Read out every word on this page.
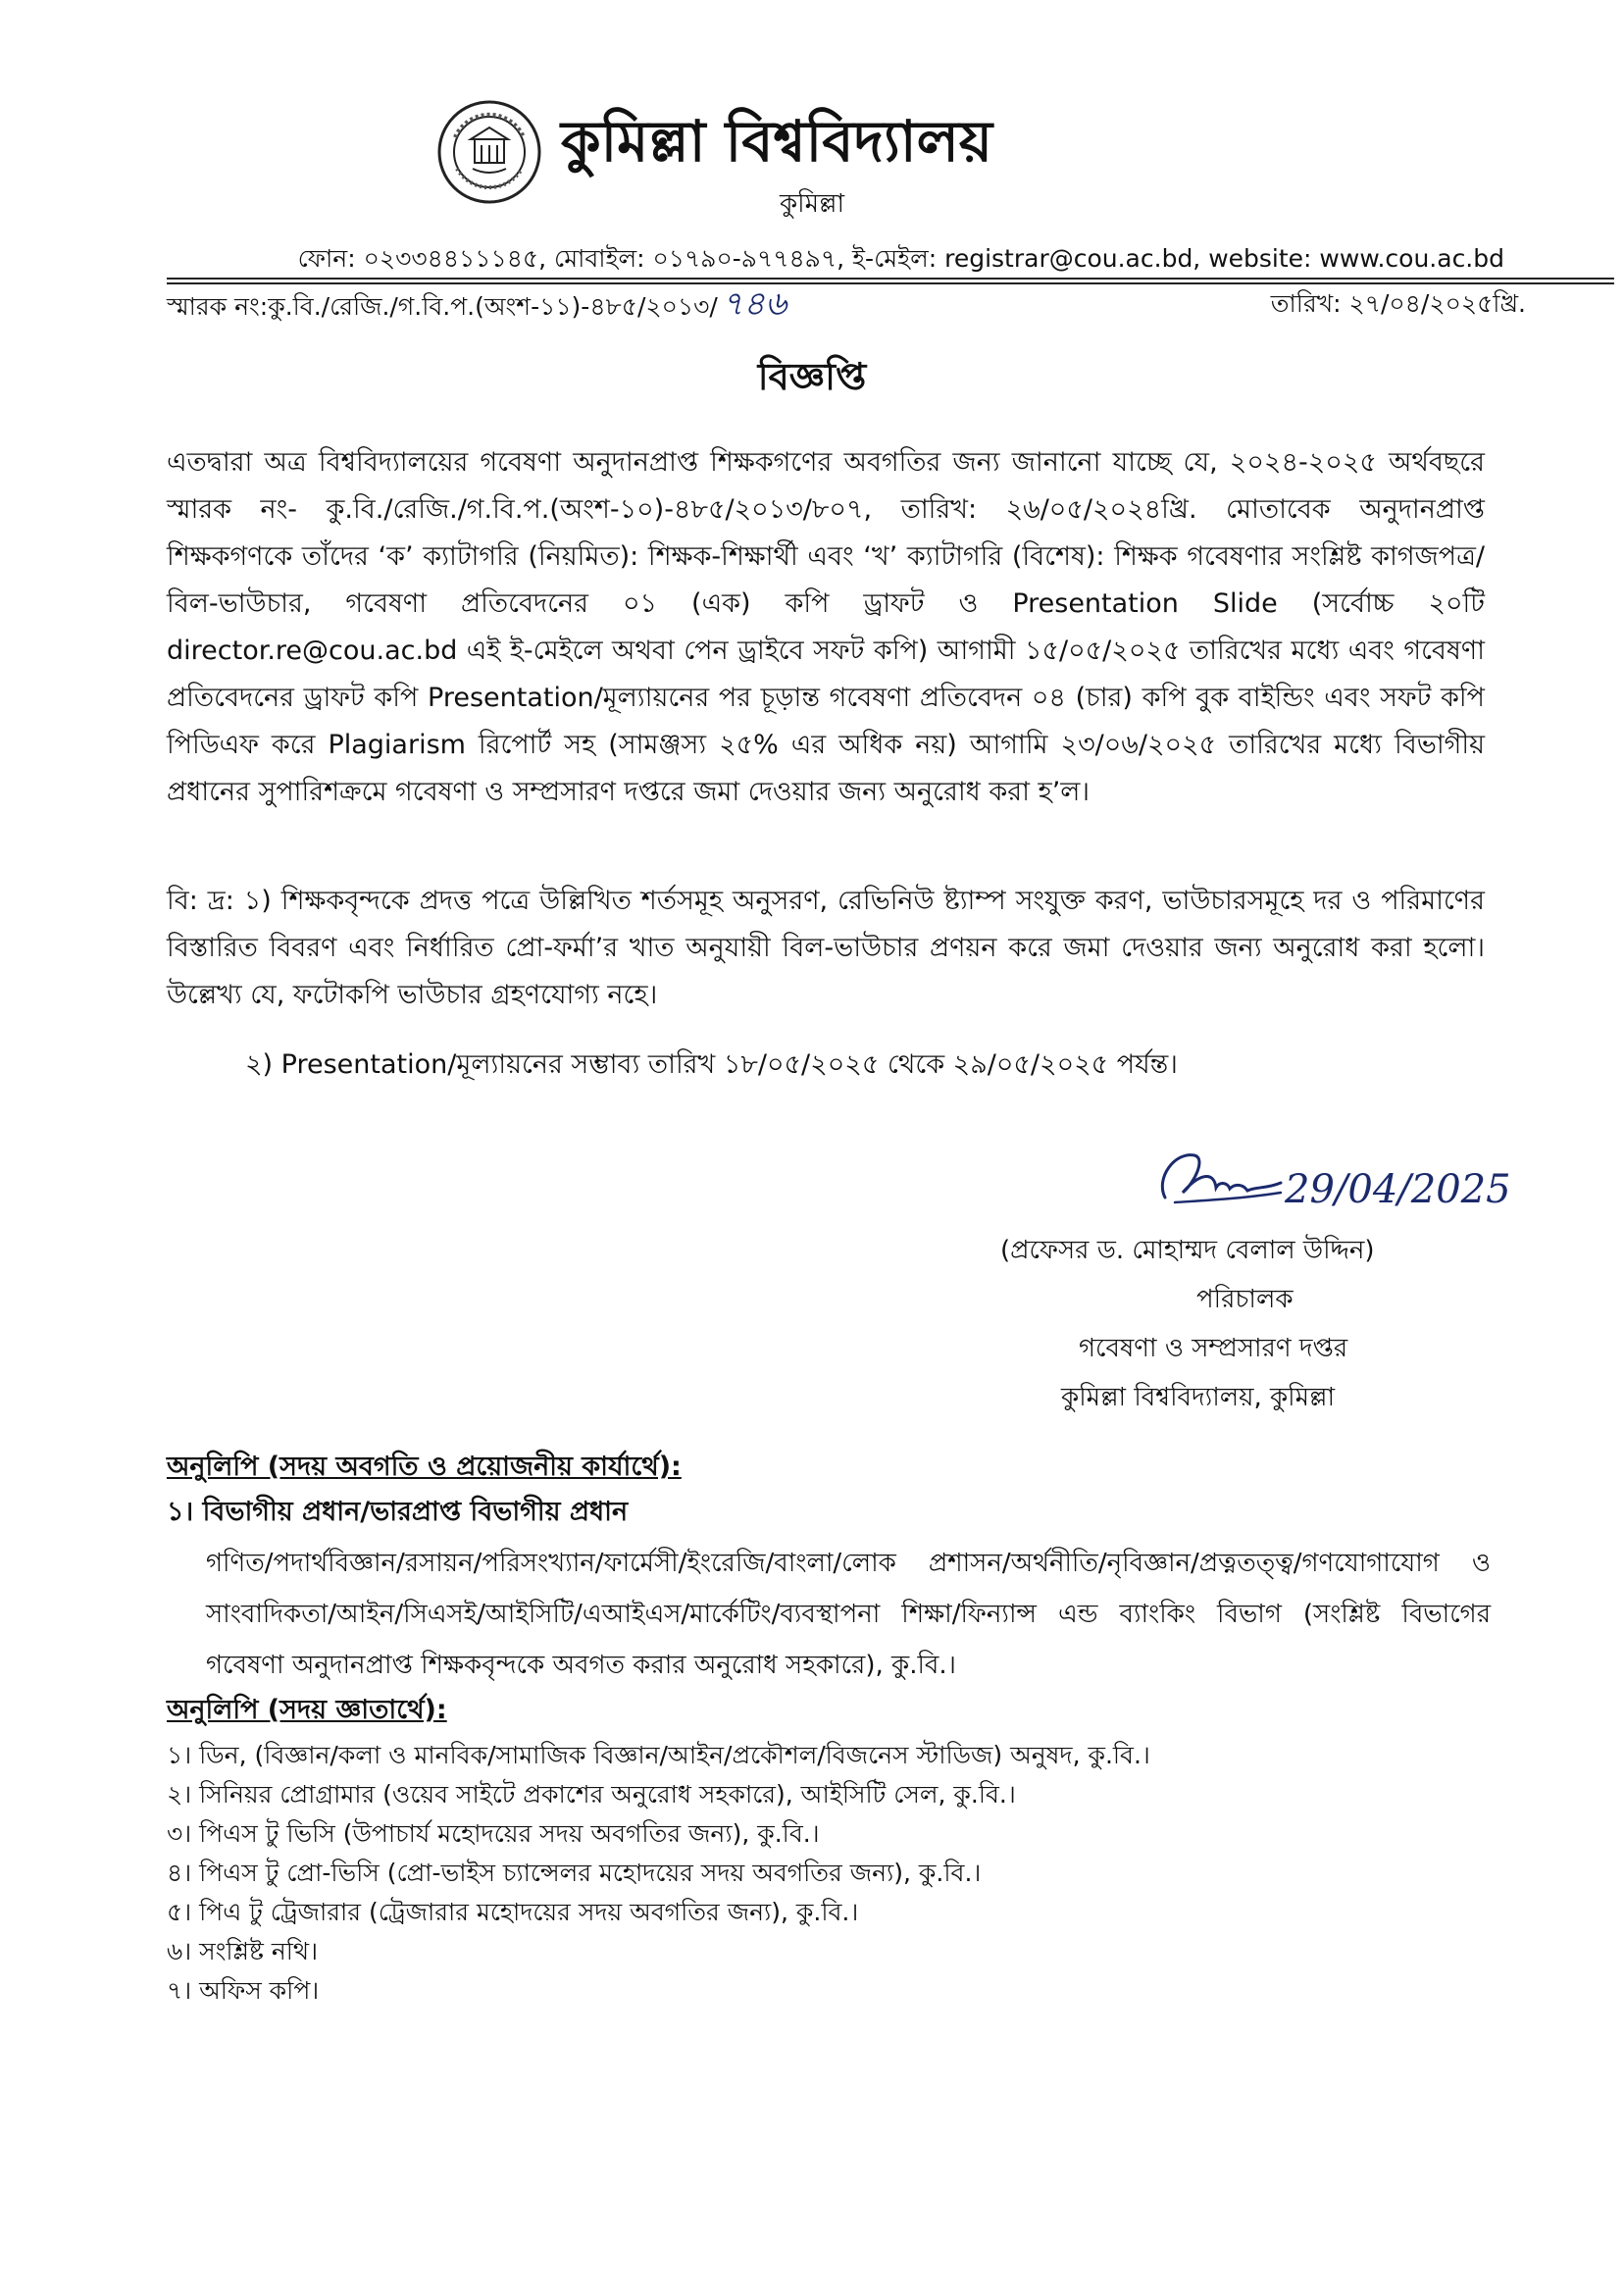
কুমিল্লা বিশ্ববিদ্যালয়
কুমিল্লা
ফোন: ০২৩৩৪৪১১১৪৫, মোবাইল: ০১৭৯০-৯৭৭৪৯৭, ই-মেইল: registrar@cou.ac.bd, website: www.cou.ac.bd
স্মারক নং:কু.বি./রেজি./গ.বি.প.(অংশ-১১)-৪৮৫/২০১৩/ ৭৪৬	তারিখ: ২৭/০৪/২০২৫খ্রি.
বিজ্ঞপ্তি
এতদ্বারা অত্র বিশ্ববিদ্যালয়ের গবেষণা অনুদানপ্রাপ্ত শিক্ষকগণের অবগতির জন্য জানানো যাচ্ছে যে, ২০২৪-২০২৫ অর্থবছরে স্মারক নং- কু.বি./রেজি./গ.বি.প.(অংশ-১০)-৪৮৫/২০১৩/৮০৭, তারিখ: ২৬/০৫/২০২৪খ্রি. মোতাবেক অনুদানপ্রাপ্ত শিক্ষকগণকে তাঁদের ‘ক’ ক্যাটাগরি (নিয়মিত): শিক্ষক-শিক্ষার্থী এবং ‘খ’ ক্যাটাগরি (বিশেষ): শিক্ষক গবেষণার সংশ্লিষ্ট কাগজপত্র/বিল-ভাউচার, গবেষণা প্রতিবেদনের ০১ (এক) কপি ড্রাফট ও Presentation Slide (সর্বোচ্চ ২০টি director.re@cou.ac.bd এই ই-মেইলে অথবা পেন ড্রাইবে সফট কপি) আগামী ১৫/০৫/২০২৫ তারিখের মধ্যে এবং গবেষণা প্রতিবেদনের ড্রাফট কপি Presentation/মূল্যায়নের পর চূড়ান্ত গবেষণা প্রতিবেদন ০৪ (চার) কপি বুক বাইন্ডিং এবং সফট কপি পিডিএফ করে Plagiarism রিপোর্ট সহ (সামঞ্জস্য ২৫% এর অধিক নয়) আগামি ২৩/০৬/২০২৫ তারিখের মধ্যে বিভাগীয় প্রধানের সুপারিশক্রমে গবেষণা ও সম্প্রসারণ দপ্তরে জমা দেওয়ার জন্য অনুরোধ করা হ’ল।
বি: দ্র: ১) শিক্ষকবৃন্দকে প্রদত্ত পত্রে উল্লিখিত শর্তসমূহ অনুসরণ, রেভিনিউ ষ্ট্যাম্প সংযুক্ত করণ, ভাউচারসমূহে দর ও পরিমাণের বিস্তারিত বিবরণ এবং নির্ধারিত প্রো-ফর্মা’র খাত অনুযায়ী বিল-ভাউচার প্রণয়ন করে জমা দেওয়ার জন্য অনুরোধ করা হলো। উল্লেখ্য যে, ফটোকপি ভাউচার গ্রহণযোগ্য নহে।
২) Presentation/মূল্যায়নের সম্ভাব্য তারিখ ১৮/০৫/২০২৫ থেকে ২৯/০৫/২০২৫ পর্যন্ত।
29/04/2025
(প্রফেসর ড. মোহাম্মদ বেলাল উদ্দিন)
পরিচালক
গবেষণা ও সম্প্রসারণ দপ্তর
কুমিল্লা বিশ্ববিদ্যালয়, কুমিল্লা
অনুলিপি (সদয় অবগতি ও প্রয়োজনীয় কার্যার্থে):
১। বিভাগীয় প্রধান/ভারপ্রাপ্ত বিভাগীয় প্রধান
গণিত/পদার্থবিজ্ঞান/রসায়ন/পরিসংখ্যান/ফার্মেসী/ইংরেজি/বাংলা/লোক প্রশাসন/অর্থনীতি/নৃবিজ্ঞান/প্রত্নতত্ত্ব/গণযোগাযোগ ও সাংবাদিকতা/আইন/সিএসই/আইসিটি/এআইএস/মার্কেটিং/ব্যবস্থাপনা শিক্ষা/ফিন্যান্স এন্ড ব্যাংকিং বিভাগ (সংশ্লিষ্ট বিভাগের গবেষণা অনুদানপ্রাপ্ত শিক্ষকবৃন্দকে অবগত করার অনুরোধ সহকারে), কু.বি.।
অনুলিপি (সদয় জ্ঞাতার্থে):
১। ডিন, (বিজ্ঞান/কলা ও মানবিক/সামাজিক বিজ্ঞান/আইন/প্রকৌশল/বিজনেস স্টাডিজ) অনুষদ, কু.বি.।
২। সিনিয়র প্রোগ্রামার (ওয়েব সাইটে প্রকাশের অনুরোধ সহকারে), আইসিটি সেল, কু.বি.।
৩। পিএস টু ভিসি (উপাচার্য মহোদয়ের সদয় অবগতির জন্য), কু.বি.।
৪। পিএস টু প্রো-ভিসি (প্রো-ভাইস চ্যান্সেলর মহোদয়ের সদয় অবগতির জন্য), কু.বি.।
৫। পিএ টু ট্রেজারার (ট্রেজারার মহোদয়ের সদয় অবগতির জন্য), কু.বি.।
৬। সংশ্লিষ্ট নথি।
৭। অফিস কপি।
